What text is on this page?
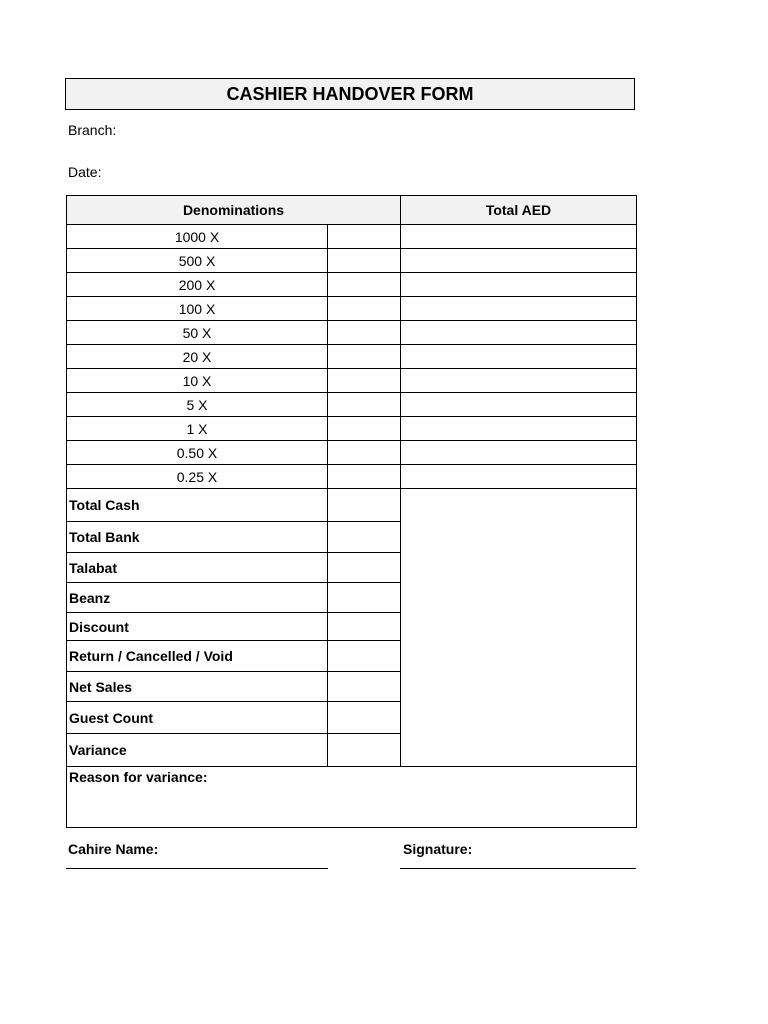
CASHIER HANDOVER FORM
Branch:
Date:
Denominations		Total AED
1000 X		
500 X		
200 X		
100 X		
50 X		
20 X		
10 X		
5 X		
1 X		
0.50 X		
0.25 X		
Total Cash		
Total Bank		
Talabat		
Beanz		
Discount		
Return / Cancelled / Void		
Net Sales		
Guest Count		
Variance		
Reason for variance:		
Cahire Name:	Signature:
